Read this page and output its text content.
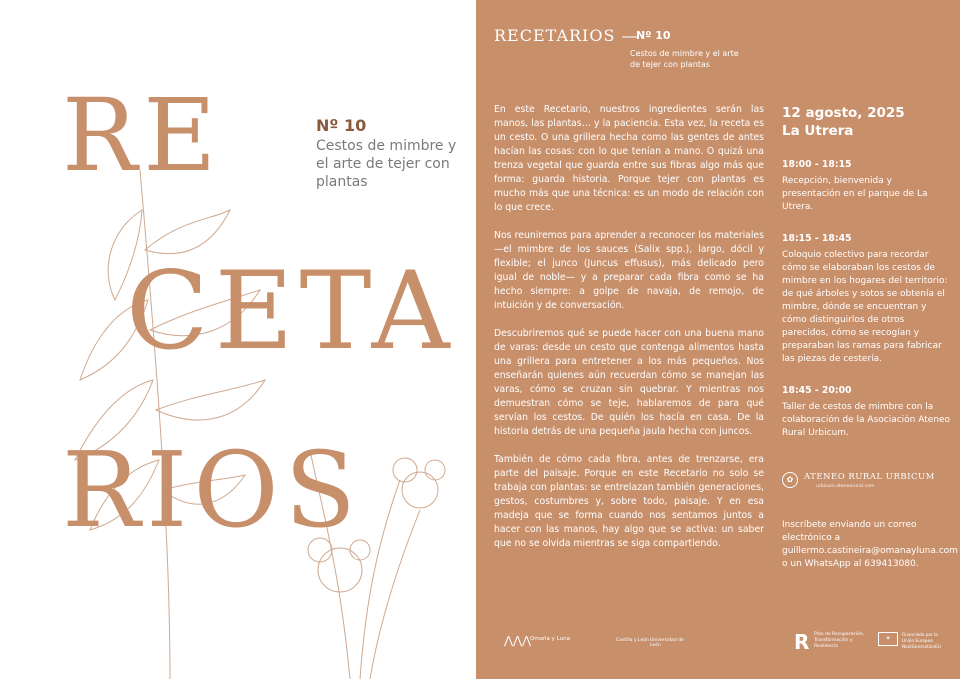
RE
CETA
RIOS
Nº 10
Cestos de mimbre y el arte de tejer con plantas
RECETARIOS —
Nº 10
Cestos de mimbre y el arte de tejer con plantas

En este Recetario, nuestros ingredientes serán las manos, las plantas… y la paciencia. Esta vez, la receta es un cesto. O una grillera hecha como las gentes de antes hacían las cosas: con lo que tenían a mano. O quizá una trenza vegetal que guarda entre sus fibras algo más que forma: guarda historia. Porque tejer con plantas es mucho más que una técnica: es un modo de relación con lo que crece.

Nos reuniremos para aprender a reconocer los materiales —el mimbre de los sauces (Salix spp.), largo, dócil y flexible; el junco (Juncus effusus), más delicado pero igual de noble— y a preparar cada fibra como se ha hecho siempre: a golpe de navaja, de remojo, de intuición y de conversación.

Descubriremos qué se puede hacer con una buena mano de varas: desde un cesto que contenga alimentos hasta una grillera para entretener a los más pequeños. Nos enseñarán quienes aún recuerdan cómo se manejan las varas, cómo se cruzan sin quebrar. Y mientras nos demuestran cómo se teje, hablaremos de para qué servían los cestos. De quién los hacía en casa. De la historia detrás de una pequeña jaula hecha con juncos.

También de cómo cada fibra, antes de trenzarse, era parte del paisaje. Porque en este Recetario no solo se trabaja con plantas: se entrelazan también generaciones, gestos, costumbres y, sobre todo, paisaje. Y en esa madeja que se forma cuando nos sentamos juntos a hacer con las manos, hay algo que se activa: un saber que no se olvida mientras se siga compartiendo.

12 agosto, 2025
La Utrera
18:00 - 18:15
Recepción, bienvenida y presentación en el parque de La Utrera.
18:15 - 18:45
Coloquio colectivo para recordar cómo se elaboraban los cestos de mimbre en los hogares del territorio: de qué árboles y sotos se obtenía el mimbre, dónde se encuentran y cómo distinguirlos de otros parecidos, cómo se recogían y preparaban las ramas para fabricar las piezas de cestería.
18:45 - 20:00
Taller de cestos de mimbre con la colaboración de la Asociación Ateneo Rural Urbicum.
✿	ATENEO RURAL URBICUM
urbicum.ateneorural.com
Inscríbete enviando un correo electrónico a guillermo.castineira@omanayluna.com o un WhatsApp al 639413080.
⋀⋀⋀
Omaña y Luna	Castilla y León Universidad de León	R Plan de Recuperación, Transformación y Resiliencia
✶
Financiado por la Unión Europea NextGenerationEU
